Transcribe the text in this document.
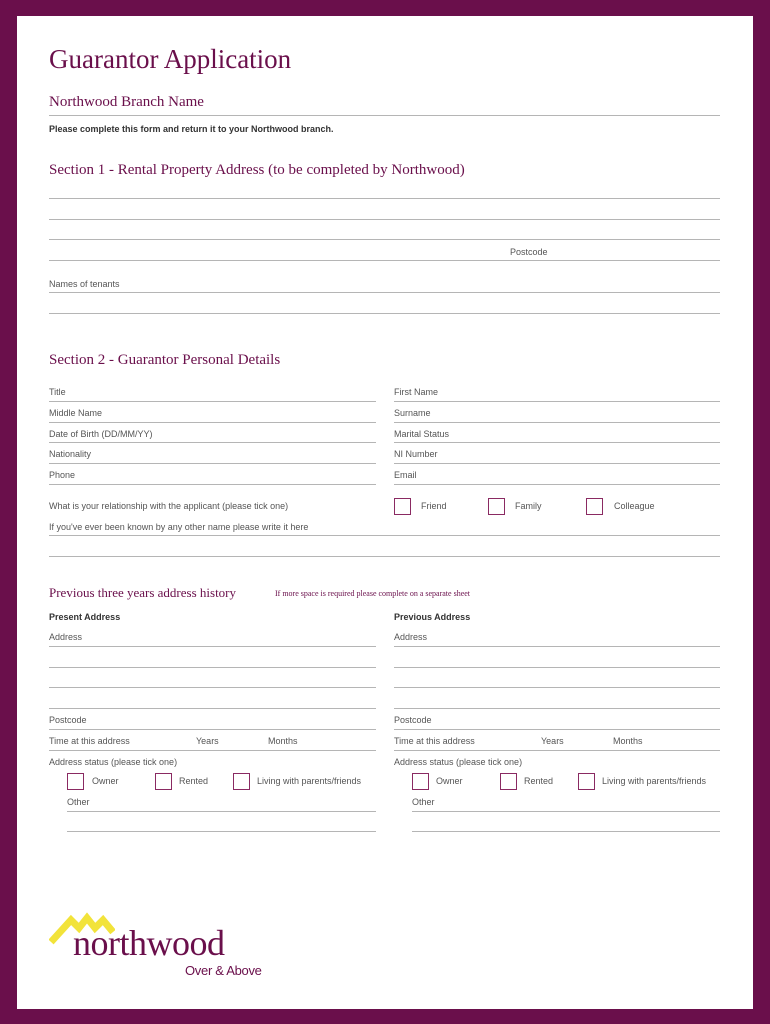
Guarantor Application
Northwood Branch Name
Please complete this form and return it to your Northwood branch.
Section 1 - Rental Property Address (to be completed by Northwood)
Postcode
Names of tenants
Section 2 - Guarantor Personal Details
Title	First Name
Middle Name	Surname
Date of Birth (DD/MM/YY)	Marital Status
Nationality	NI Number
Phone	Email
What is your relationship with the applicant (please tick one)	Friend	Family	Colleague
If you've ever been known by any other name please write it here
Previous three years address history	If more space is required please complete on a separate sheet
Present Address
Address
Postcode
Time at this address	Years	Months
Address status (please tick one)
Owner	Rented	Living with parents/friends
Other
Previous Address
Address
Postcode
Time at this address	Years	Months
Address status (please tick one)
Owner	Rented	Living with parents/friends
Other
northwood
Over & Above
